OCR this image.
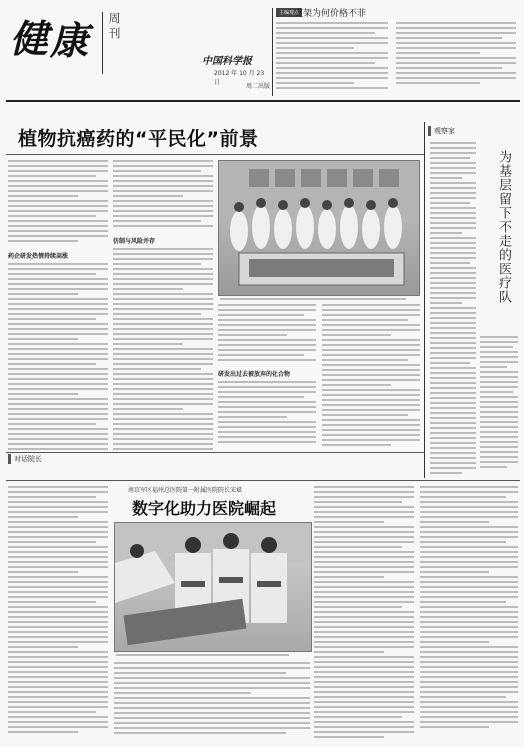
健 康 周刊
中国科学报
2012 年 10 月 23 日
周二出版
主编观点
支架为何价格不菲
植物抗癌药的“平民化”前景	观察家
药企研发热情持续高涨
仿制与风险并存
研发出过去被放弃的化合物
为基层留下不走的医疗队
对话院长
南京军区福州总医院第一附属医院院长宋斌
数字化助力医院崛起
